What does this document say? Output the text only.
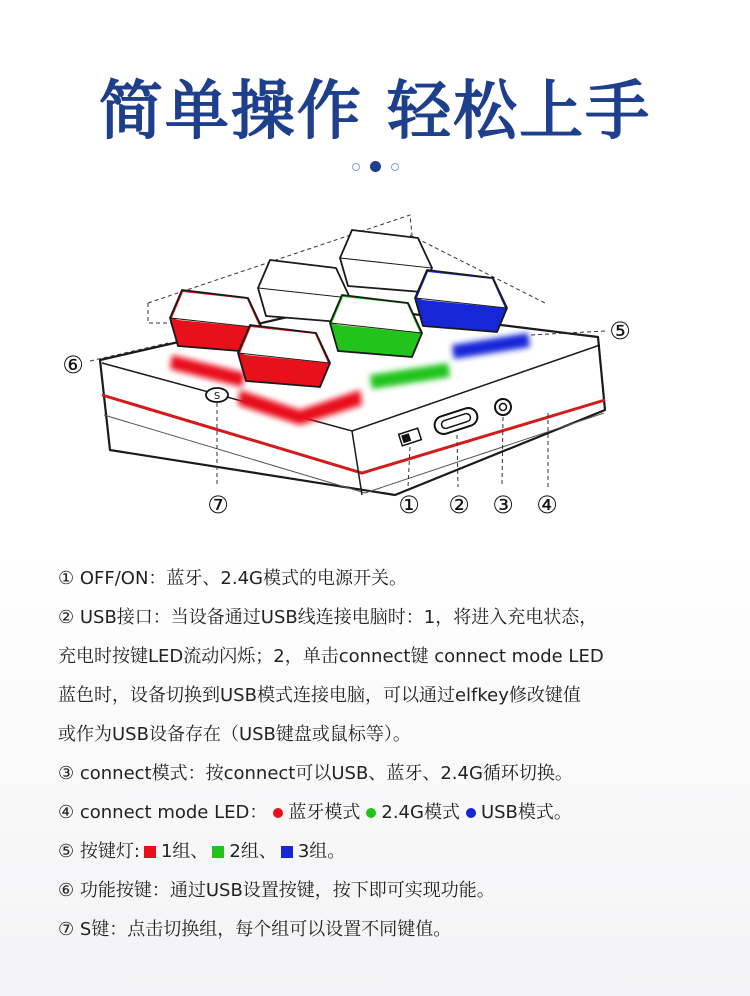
简单操作 轻松上手
S
① ② ③ ④
⑤
⑥
⑦
① OFF/ON：蓝牙、2.4G模式的电源开关。
② USB接口：当设备通过USB线连接电脑时：1，将进入充电状态，
充电时按键LED流动闪烁；2，单击connect键 connect mode LED
蓝色时，设备切换到USB模式连接电脑，可以通过elfkey修改键值
或作为USB设备存在（USB键盘或鼠标等）。
③ connect模式：按connect可以USB、蓝牙、2.4G循环切换。
④ connect mode LED： 蓝牙模式 2.4G模式 USB模式。
⑤ 按键灯: 1组、 2组、 3组。
⑥ 功能按键：通过USB设置按键，按下即可实现功能。
⑦ S键：点击切换组，每个组可以设置不同键值。
